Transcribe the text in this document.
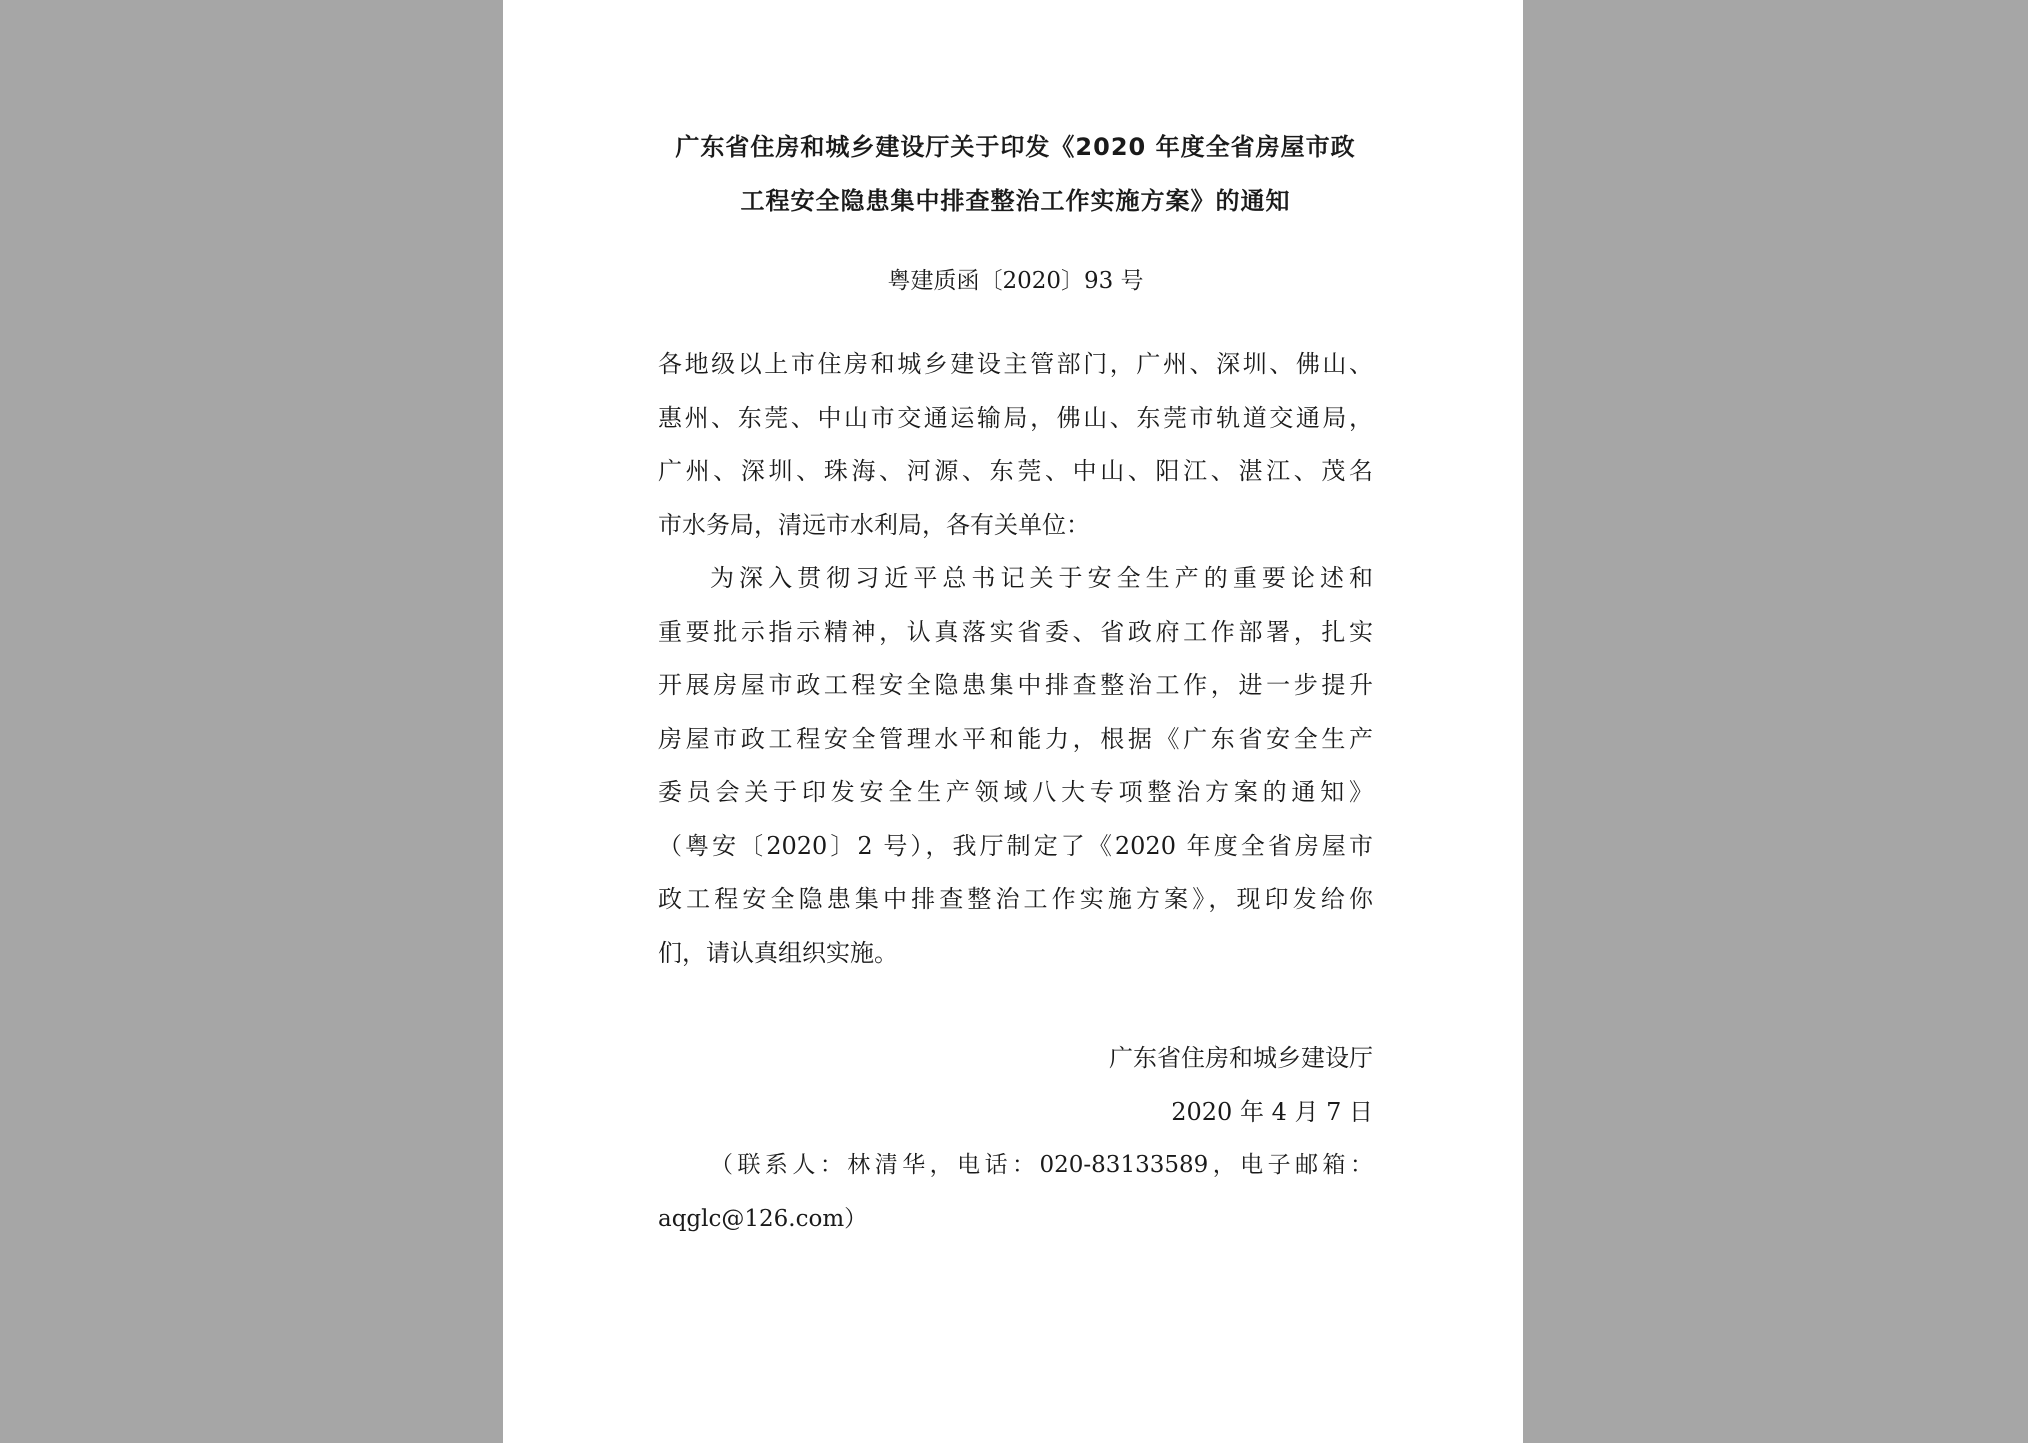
广东省住房和城乡建设厅关于印发《2020 年度全省房屋市政
工程安全隐患集中排查整治工作实施方案》的通知
粤建质函〔2020〕93 号
各地级以上市住房和城乡建设主管部门，广州、深圳、佛山、
惠州、东莞、中山市交通运输局，佛山、东莞市轨道交通局，
广州、深圳、珠海、河源、东莞、中山、阳江、湛江、茂名
市水务局，清远市水利局，各有关单位：
为深入贯彻习近平总书记关于安全生产的重要论述和
重要批示指示精神，认真落实省委、省政府工作部署，扎实
开展房屋市政工程安全隐患集中排查整治工作，进一步提升
房屋市政工程安全管理水平和能力，根据《广东省安全生产
委员会关于印发安全生产领域八大专项整治方案的通知》
（粤安〔2020〕2 号），我厅制定了《2020 年度全省房屋市
政工程安全隐患集中排查整治工作实施方案》，现印发给你
们，请认真组织实施。
广东省住房和城乡建设厅
2020 年 4 月 7 日
（联系人：林清华，电话：020-83133589，电子邮箱：
aqglc@126.com）
